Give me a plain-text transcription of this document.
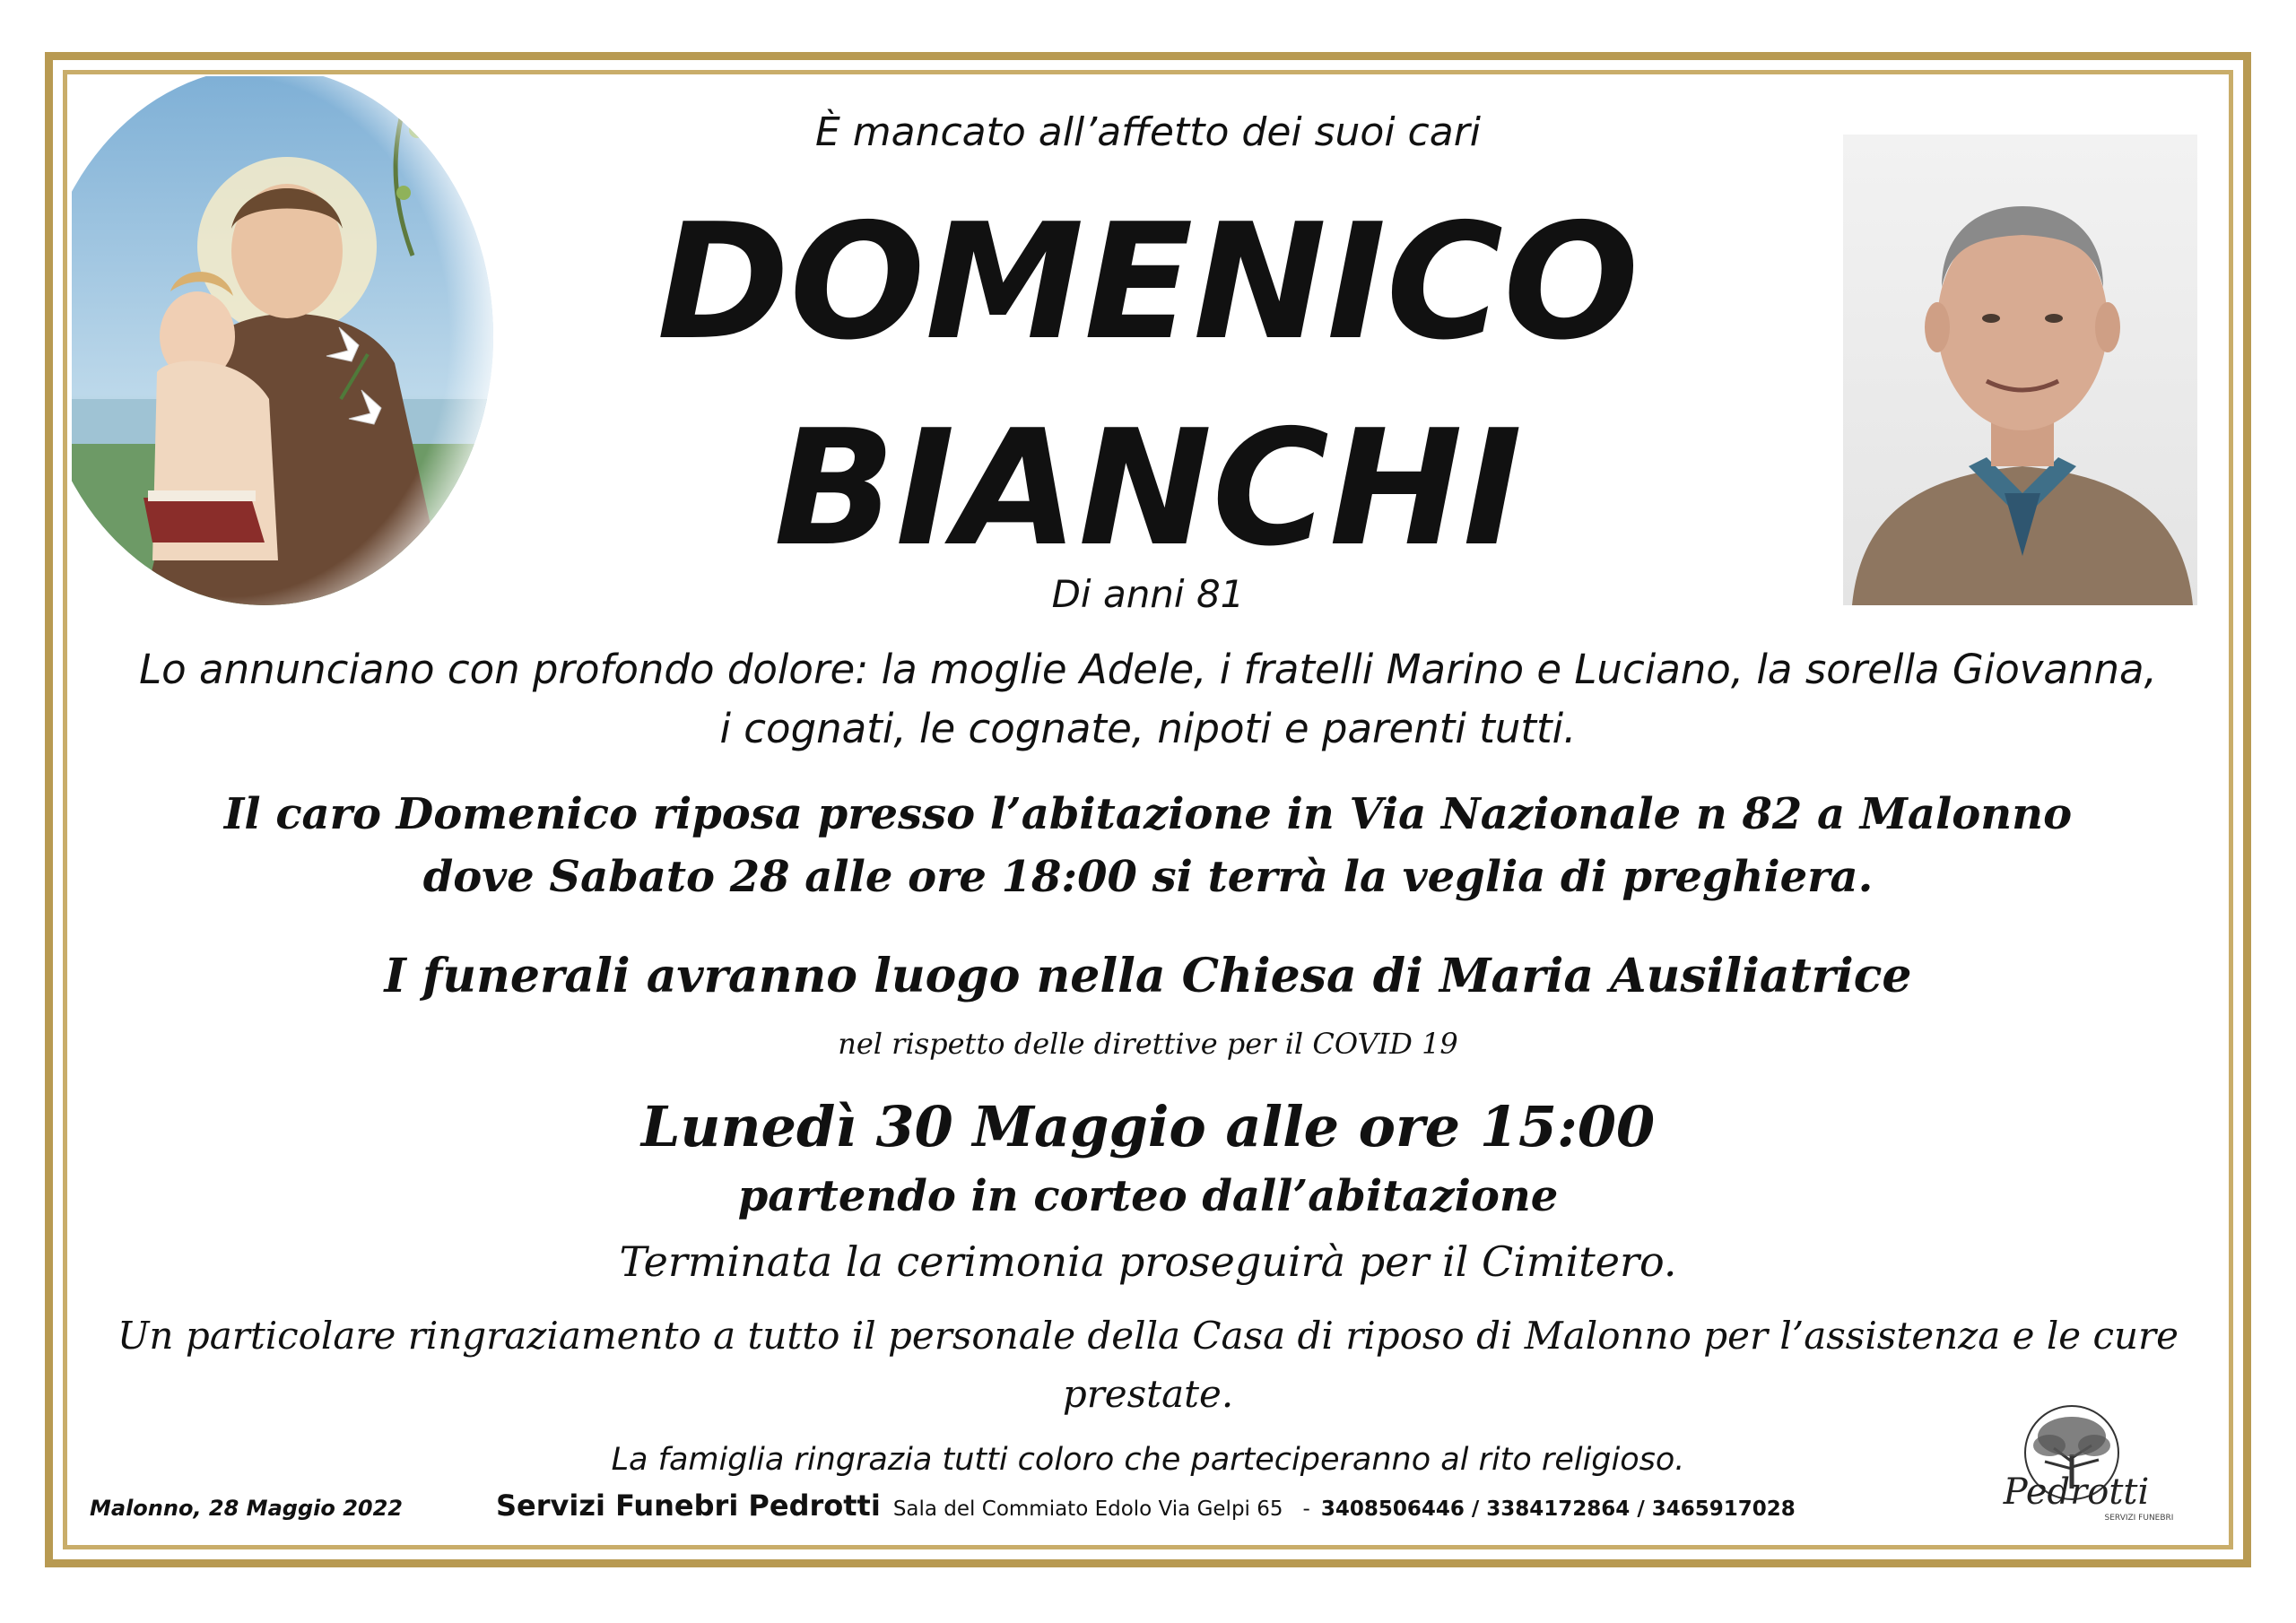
È mancato all’affetto dei suoi cari
DOMENICO
BIANCHI
Di anni 81
Lo annunciano con profondo dolore: la moglie Adele, i fratelli Marino e Luciano, la sorella Giovanna,
i cognati, le cognate, nipoti e parenti tutti.
Il caro Domenico riposa presso l’abitazione in Via Nazionale n 82 a Malonno
dove Sabato 28 alle ore 18:00 si terrà la veglia di preghiera.
I funerali avranno luogo nella Chiesa di Maria Ausiliatrice
nel rispetto delle direttive per il COVID 19
Lunedì 30 Maggio alle ore 15:00
partendo in corteo dall’abitazione
Terminata la cerimonia proseguirà per il Cimitero.
Un particolare ringraziamento a tutto il personale della Casa di riposo di Malonno per l’assistenza e le cure
prestate.
La famiglia ringrazia tutti coloro che parteciperanno al rito religioso.
Malonno, 28 Maggio 2022	Servizi Funebri Pedrotti Sala del Commiato Edolo Via Gelpi 65 - 3408506446 / 3384172864 / 3465917028	Pedrotti
SERVIZI FUNEBRI
